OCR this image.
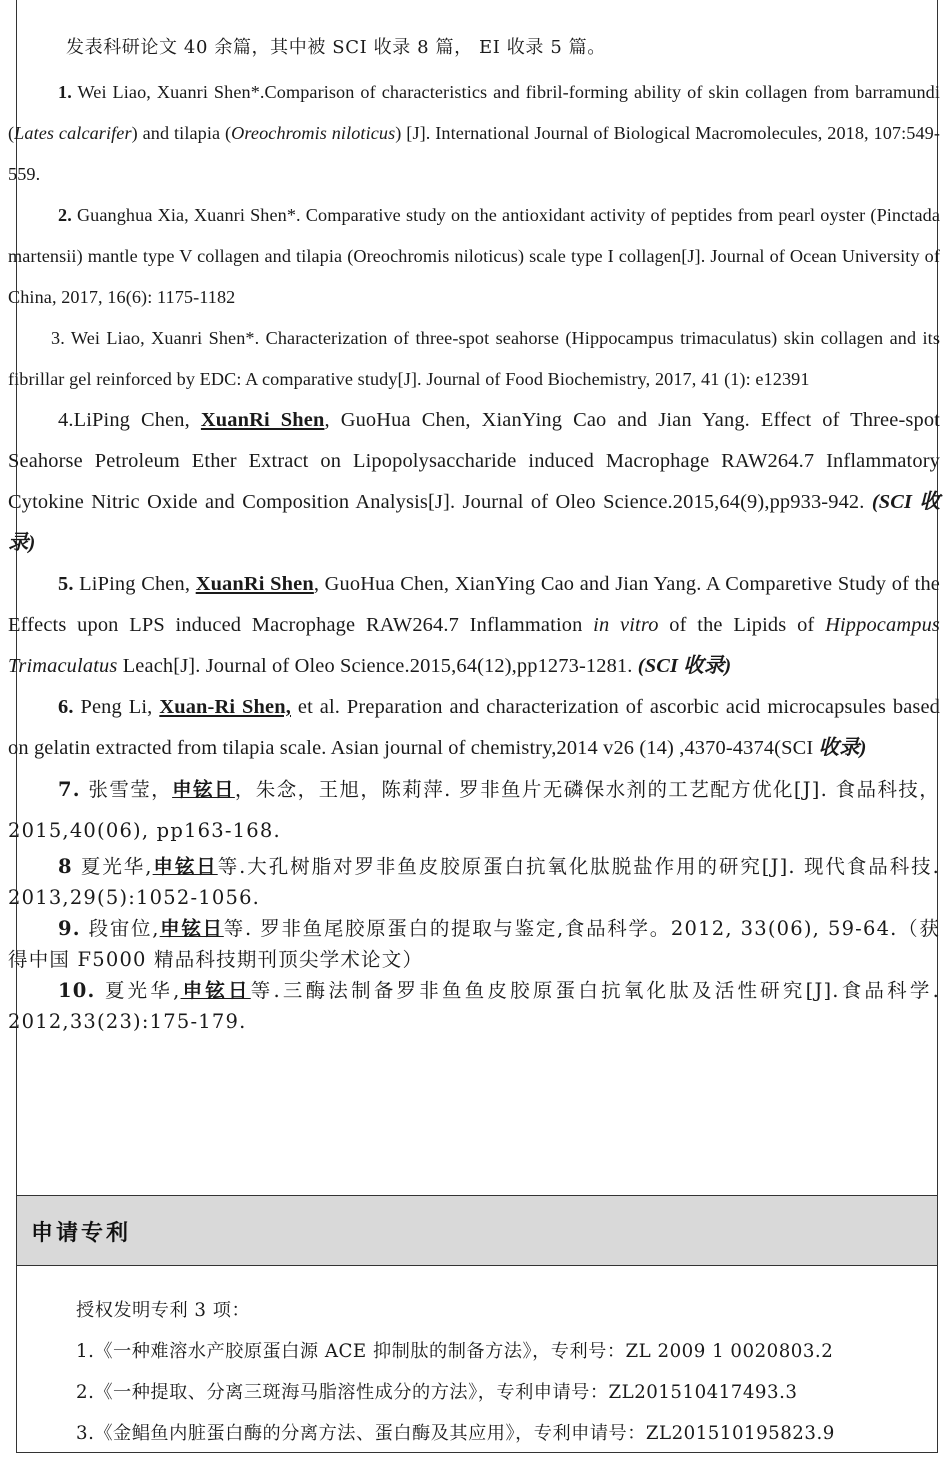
发表科研论文 40 余篇，其中被 SCI 收录 8 篇， EI 收录 5 篇。

1. Wei Liao, Xuanri Shen*.Comparison of characteristics and fibril-forming ability of skin collagen from barramundi (Lates calcarifer) and tilapia (Oreochromis niloticus) [J]. International Journal of Biological Macromolecules, 2018, 107:549-559.

2. Guanghua Xia, Xuanri Shen*. Comparative study on the antioxidant activity of peptides from pearl oyster (Pinctada martensii) mantle type V collagen and tilapia (Oreochromis niloticus) scale type I collagen[J]. Journal of Ocean University of China, 2017, 16(6): 1175-1182

3. Wei Liao, Xuanri Shen*. Characterization of three-spot seahorse (Hippocampus trimaculatus) skin collagen and its fibrillar gel reinforced by EDC: A comparative study[J]. Journal of Food Biochemistry, 2017, 41 (1): e12391

4.LiPing Chen, XuanRi Shen, GuoHua Chen, XianYing Cao and Jian Yang. Effect of Three-spot Seahorse Petroleum Ether Extract on Lipopolysaccharide induced Macrophage RAW264.7 Inflammatory Cytokine Nitric Oxide and Composition Analysis[J]. Journal of Oleo Science.2015,64(9),pp933-942. (SCI 收录)

5. LiPing Chen, XuanRi Shen, GuoHua Chen, XianYing Cao and Jian Yang. A Comparetive Study of the Effects upon LPS induced Macrophage RAW264.7 Inflammation in vitro of the Lipids of Hippocampus Trimaculatus Leach[J]. Journal of Oleo Science.2015,64(12),pp1273-1281. (SCI 收录)

6. Peng Li, Xuan-Ri Shen, et al. Preparation and characterization of ascorbic acid microcapsules based on gelatin extracted from tilapia scale. Asian journal of chemistry,2014 v26 (14) ,4370-4374(SCI 收录)

7. 张雪莹，申铉日，朱念，王旭，陈莉萍. 罗非鱼片无磷保水剂的工艺配方优化[J]. 食品科技，2015,40(06), pp163-168.

8 夏光华,申铉日等.大孔树脂对罗非鱼皮胶原蛋白抗氧化肽脱盐作用的研究[J]. 现代食品科技. 2013,29(5):1052-1056.

9. 段宙位,申铉日等. 罗非鱼尾胶原蛋白的提取与鉴定,食品科学。2012, 33(06), 59-64.（获得中国 F5000 精品科技期刊顶尖学术论文）

10. 夏光华,申铉日等.三酶法制备罗非鱼鱼皮胶原蛋白抗氧化肽及活性研究[J].食品科学. 2012,33(23):175-179.

申请专利
授权发明专利 3 项：
1.《一种难溶水产胶原蛋白源 ACE 抑制肽的制备方法》，专利号：ZL 2009 1 0020803.2
2.《一种提取、分离三斑海马脂溶性成分的方法》，专利申请号：ZL201510417493.3
3.《金鲳鱼内脏蛋白酶的分离方法、蛋白酶及其应用》，专利申请号：ZL201510195823.9
